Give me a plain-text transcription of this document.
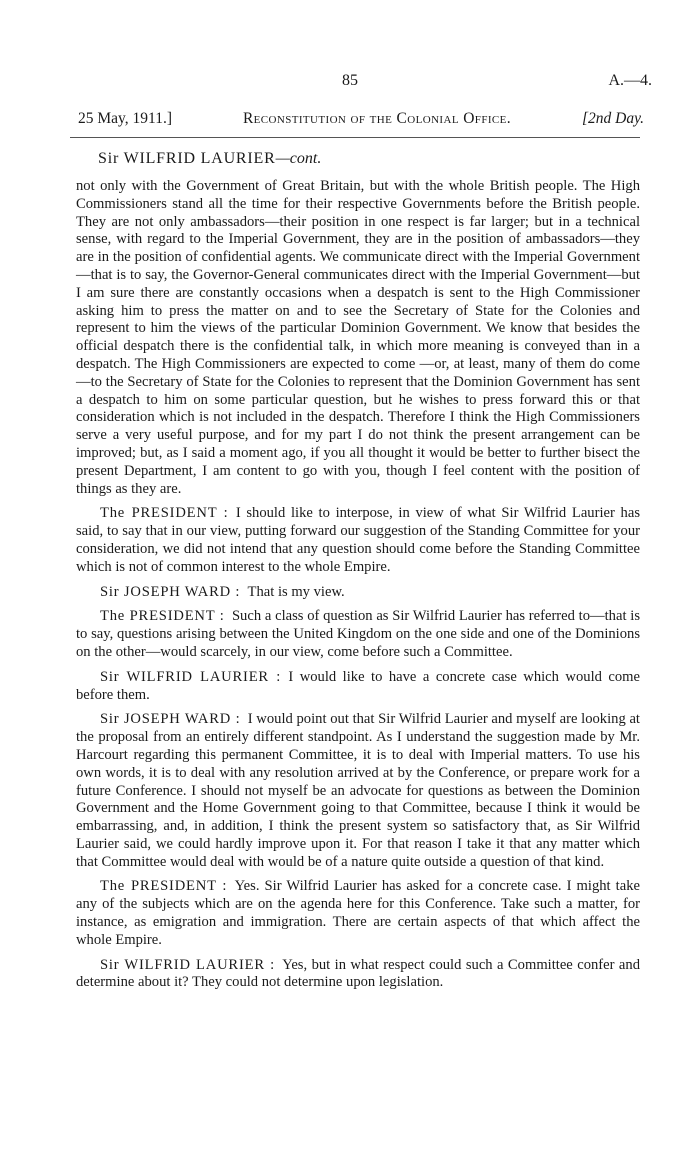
85	A.—4.
25 May, 1911.]	Reconstitution of the Colonial Office.	[2nd Day.
Sir WILFRID LAURIER—cont.

not only with the Government of Great Britain, but with the whole British people. The High Commissioners stand all the time for their respective Governments before the British people. They are not only ambassadors—their position in one respect is far larger; but in a technical sense, with regard to the Imperial Government, they are in the position of ambassadors—they are in the position of confidential agents. We communicate direct with the Imperial Government—that is to say, the Governor-General communicates direct with the Imperial Government—but I am sure there are constantly occasions when a despatch is sent to the High Commissioner asking him to press the matter on and to see the Secretary of State for the Colonies and represent to him the views of the particular Dominion Government. We know that besides the official despatch there is the confidential talk, in which more meaning is conveyed than in a despatch. The High Commissioners are expected to come —or, at least, many of them do come—to the Secretary of State for the Colonies to represent that the Dominion Government has sent a despatch to him on some particular question, but he wishes to press forward this or that consideration which is not included in the despatch. Therefore I think the High Commissioners serve a very useful purpose, and for my part I do not think the present arrangement can be improved; but, as I said a moment ago, if you all thought it would be better to further bisect the present Department, I am content to go with you, though I feel content with the position of things as they are.

The PRESIDENT :  I should like to interpose, in view of what Sir Wilfrid Laurier has said, to say that in our view, putting forward our suggestion of the Standing Committee for your consideration, we did not intend that any question should come before the Standing Committee which is not of common interest to the whole Empire.

Sir JOSEPH WARD :  That is my view.

The PRESIDENT :  Such a class of question as Sir Wilfrid Laurier has referred to—that is to say, questions arising between the United Kingdom on the one side and one of the Dominions on the other—would scarcely, in our view, come before such a Committee.

Sir WILFRID LAURIER :  I would like to have a concrete case which would come before them.

Sir JOSEPH WARD :  I would point out that Sir Wilfrid Laurier and myself are looking at the proposal from an entirely different standpoint. As I understand the suggestion made by Mr. Harcourt regarding this permanent Committee, it is to deal with Imperial matters. To use his own words, it is to deal with any resolution arrived at by the Conference, or prepare work for a future Conference. I should not myself be an advocate for questions as between the Dominion Government and the Home Government going to that Committee, because I think it would be embarrassing, and, in addition, I think the present system so satisfactory that, as Sir Wilfrid Laurier said, we could hardly improve upon it. For that reason I take it that any matter which that Committee would deal with would be of a nature quite outside a question of that kind.

The PRESIDENT :  Yes. Sir Wilfrid Laurier has asked for a concrete case. I might take any of the subjects which are on the agenda here for this Conference. Take such a matter, for instance, as emigration and immigration. There are certain aspects of that which affect the whole Empire.

Sir WILFRID LAURIER :  Yes, but in what respect could such a Committee confer and determine about it? They could not determine upon legislation.
